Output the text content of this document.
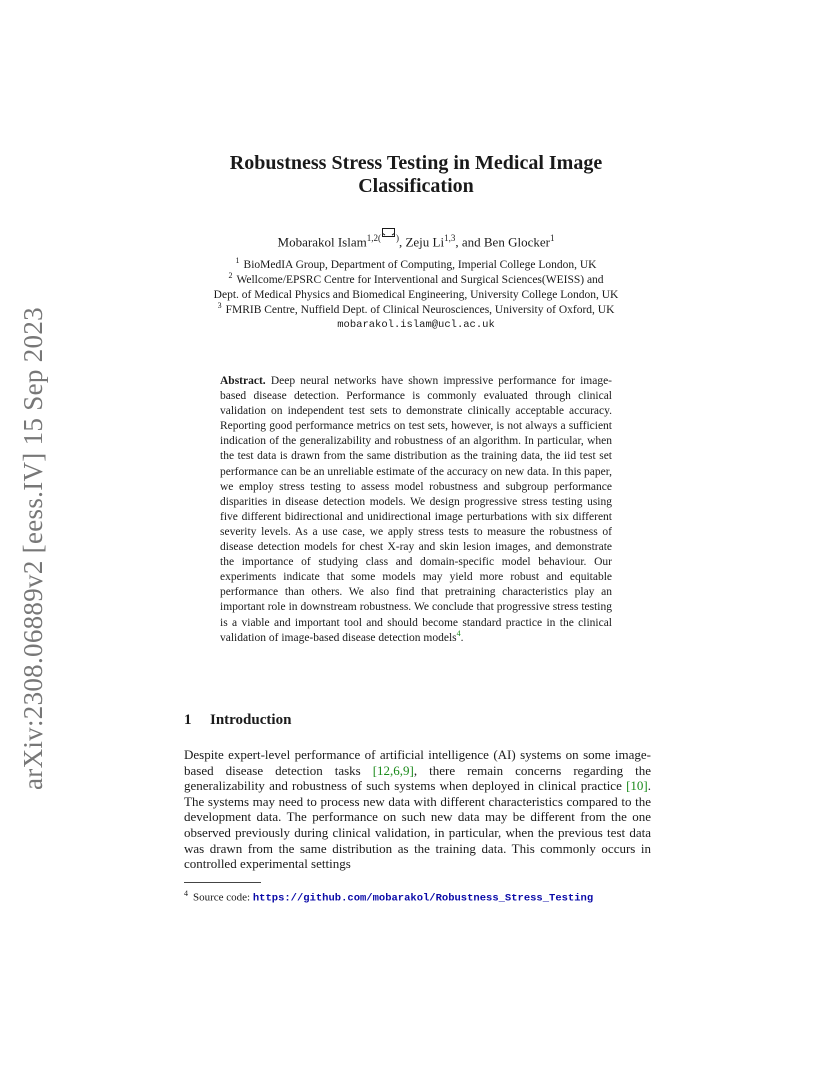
arXiv:2308.06889v2 [eess.IV] 15 Sep 2023
Robustness Stress Testing in Medical Image
Classification
Mobarakol Islam$^{1,2( )}$, Zeju Li$^{1,3}$, and Ben Glocker$^1$
$^1$ BioMedIA Group, Department of Computing, Imperial College London, UK
$^2$ Wellcome/EPSRC Centre for Interventional and Surgical Sciences(WEISS) and
Dept. of Medical Physics and Biomedical Engineering, University College London, UK
$^3$ FMRIB Centre, Nuffield Dept. of Clinical Neurosciences, University of Oxford, UK
mobarakol.islam@ucl.ac.uk
Abstract. Deep neural networks have shown impressive performance for image-based disease detection. Performance is commonly evaluated through clinical validation on independent test sets to demonstrate clinically acceptable accuracy. Reporting good performance metrics on test sets, however, is not always a sufficient indication of the generalizability and robustness of an algorithm. In particular, when the test data is drawn from the same distribution as the training data, the iid test set performance can be an unreliable estimate of the accuracy on new data. In this paper, we employ stress testing to assess model robustness and subgroup performance disparities in disease detection models. We design progressive stress testing using five different bidirectional and unidirectional image perturbations with six different severity levels. As a use case, we apply stress tests to measure the robustness of disease detection models for chest X-ray and skin lesion images, and demonstrate the importance of studying class and domain-specific model behaviour. Our experiments indicate that some models may yield more robust and equitable performance than others. We also find that pretraining characteristics play an important role in downstream robustness. We conclude that progressive stress testing is a viable and important tool and should become standard practice in the clinical validation of image-based disease detection models$^4$.
1 Introduction
Despite expert-level performance of artificial intelligence (AI) systems on some image-based disease detection tasks [12,6,9], there remain concerns regarding the generalizability and robustness of such systems when deployed in clinical practice [10]. The systems may need to process new data with different characteristics compared to the development data. The performance on such new data may be different from the one observed previously during clinical validation, in particular, when the previous test data was drawn from the same distribution as the training data. This commonly occurs in controlled experimental settings
$^4$ Source code: https://github.com/mobarakol/Robustness_Stress_Testing
